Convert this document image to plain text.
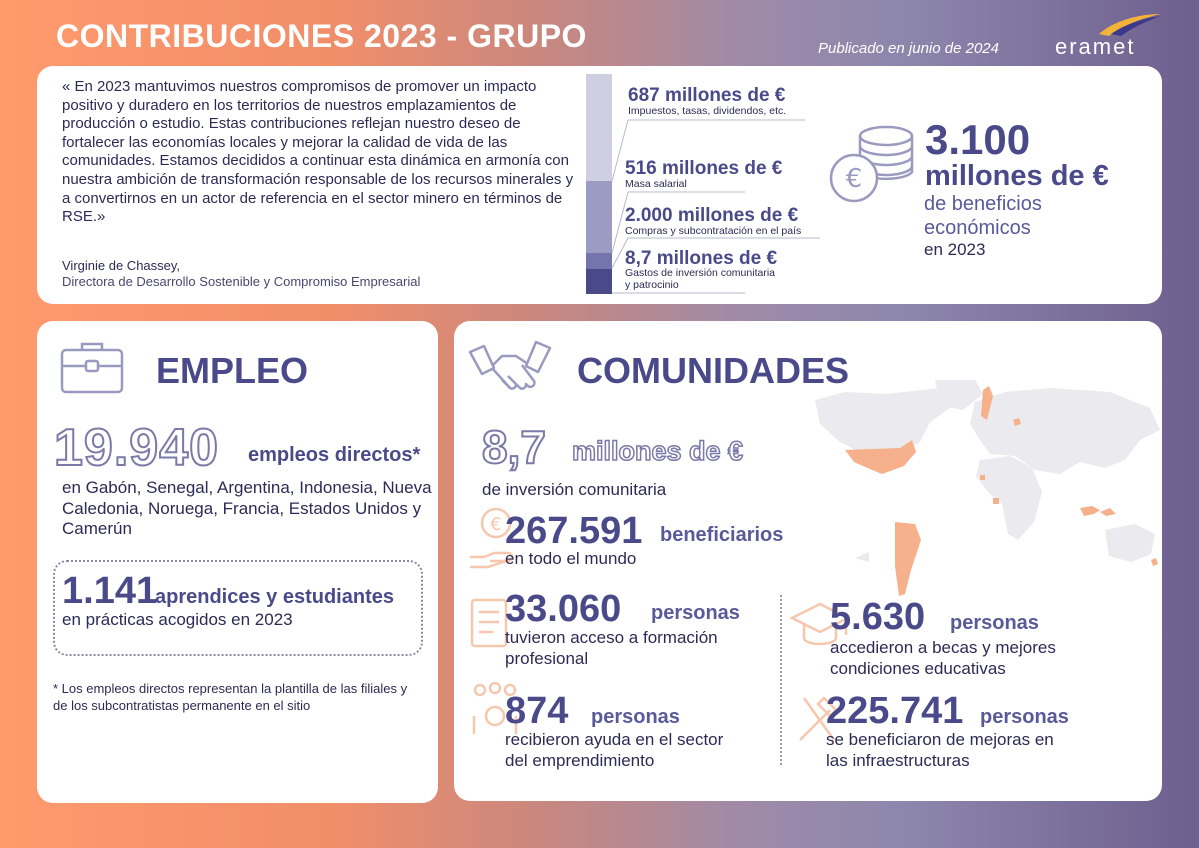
CONTRIBUCIONES 2023 - GRUPO	Publicado en junio de 2024	eramet
« En 2023 mantuvimos nuestros compromisos de promover un impacto positivo y duradero en los territorios de nuestros emplazamientos de producción o estudio. Estas contribuciones reflejan nuestro deseo de fortalecer las economías locales y mejorar la calidad de vida de las comunidades. Estamos decididos a continuar esta dinámica en armonía con nuestra ambición de transformación responsable de los recursos minerales y a convertirnos en un actor de referencia en el sector minero en términos de RSE.»
Virginie de Chassey,
Directora de Desarrollo Sostenible y Compromiso Empresarial
687 millones de €
Impuestos, tasas, dividendos, etc.
516 millones de €
Masa salarial
2.000 millones de €
Compras y subcontratación en el país
8,7 millones de €
Gastos de inversión comunitaria
y patrocinio
€
3.100
millones de €
de beneficios
económicos
en 2023
EMPLEO
19.940 empleos directos*
en Gabón, Senegal, Argentina, Indonesia, Nueva Caledonia, Noruega, Francia, Estados Unidos y Camerún
1.141
aprendices y estudiantes
en prácticas acogidos en 2023
* Los empleos directos representan la plantilla de las filiales y de los subcontratistas permanente en el sitio
COMUNIDADES
8,7 millones de €
de inversión comunitaria
€ 267.591 beneficiarios
en todo el mundo
33.060 personas
tuvieron acceso a formación
profesional
5.630 personas
accedieron a becas y mejores
condiciones educativas
874 personas
recibieron ayuda en el sector
del emprendimiento
225.741 personas
se beneficiaron de mejoras en
las infraestructuras
